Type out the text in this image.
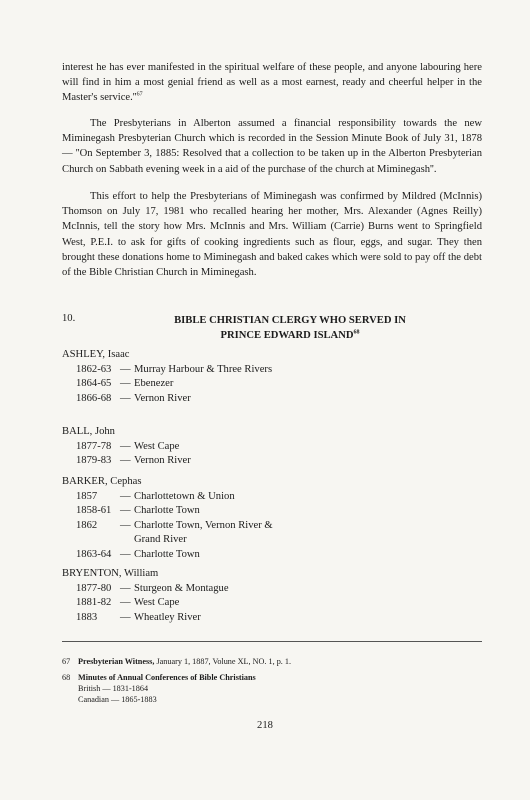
interest he has ever manifested in the spiritual welfare of these people, and anyone labouring here will find in him a most genial friend as well as a most earnest, ready and cheerful helper in the Master's $service.''^{67}$

The Presbyterians in Alberton assumed a financial responsibility towards the new Miminegash Presbyterian Church which is recorded in the Session Minute Book of July 31, 1878 — ''On September 3, 1885: Resolved that a collection to be taken up in the Alberton Presbyterian Church on Sabbath evening week in a aid of the purchase of the church at Miminegash''.

This effort to help the Presbyterians of Miminegash was confirmed by Mildred (McInnis) Thomson on July 17, 1981 who recalled hearing her mother, Mrs. Alexander (Agnes Reilly) McInnis, tell the story how Mrs. McInnis and Mrs. William (Carrie) Burns went to Springfield West, P.E.I. to ask for gifts of cooking ingredients such as flour, eggs, and sugar. They then brought these donations home to Miminegash and baked cakes which were sold to pay off the debt of the Bible Christian Church in Miminegash.

10.	BIBLE CHRISTIAN CLERGY WHO SERVED IN
PRINCE EDWARD ISLAND$^{68}$

ASHLEY, Isaac

1862-63 — Murray Harbour & Three Rivers
1864-65 — Ebenezer
1866-68 — Vernon River

BALL, John

1877-78 — West Cape
1879-83 — Vernon River

BARKER, Cephas

1857	— Charlottetown & Union
1858-61 — Charlotte Town
1862	— Charlotte Town, Vernon River & Grand River
1863-64 — Charlotte Town

BRYENTON, William

1877-80 — Sturgeon & Montague
1881-82 — West Cape
1883	— Wheatley River
67 Presbyterian Witness, January 1, 1887, Volune XL, NO. 1, p. 1.
68 Minutes of Annual Conferences of Bible Christians
British — 1831-1864
Canadian — 1865-1883
218
